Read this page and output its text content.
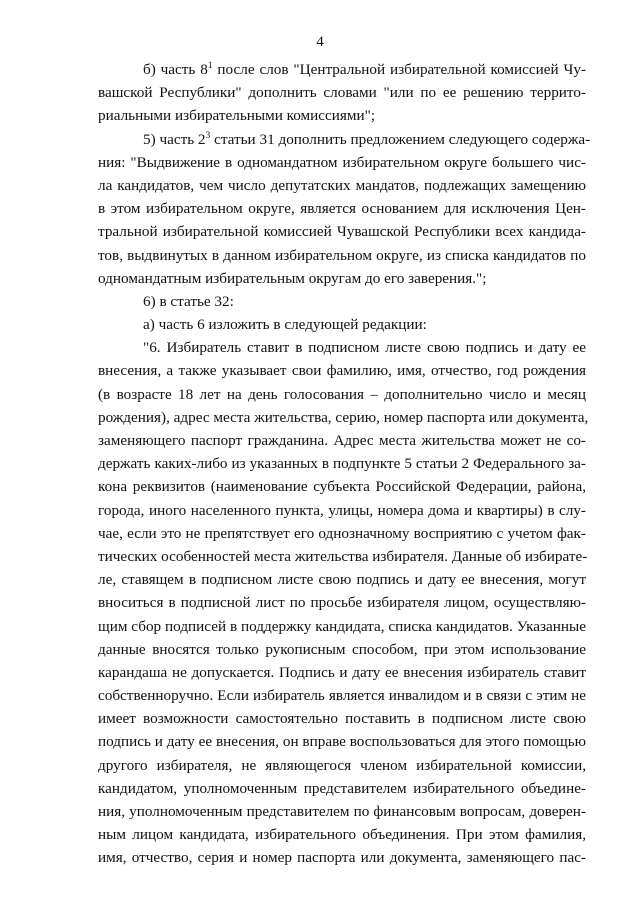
4
б) часть $8^1$ после слов "Центральной избирательной комиссией Чу-
вашской Республики" дополнить словами "или по ее решению террито-
риальными избирательными комиссиями";
5) часть $2^3$ статьи 31 дополнить предложением следующего содержа-
ния: "Выдвижение в одномандатном избирательном округе большего чис-
ла кандидатов, чем число депутатских мандатов, подлежащих замещению
в этом избирательном округе, является основанием для исключения Цен-
тральной избирательной комиссией Чувашской Республики всех кандида-
тов, выдвинутых в данном избирательном округе, из списка кандидатов по
одномандатным избирательным округам до его заверения.";
6) в статье 32:
а) часть 6 изложить в следующей редакции:
"6. Избиратель ставит в подписном листе свою подпись и дату ее
внесения, а также указывает свои фамилию, имя, отчество, год рождения
(в возрасте 18 лет на день голосования – дополнительно число и месяц
рождения), адрес места жительства, серию, номер паспорта или документа,
заменяющего паспорт гражданина. Адрес места жительства может не со-
держать каких-либо из указанных в подпункте 5 статьи 2 Федерального за-
кона реквизитов (наименование субъекта Российской Федерации, района,
города, иного населенного пункта, улицы, номера дома и квартиры) в слу-
чае, если это не препятствует его однозначному восприятию с учетом фак-
тических особенностей места жительства избирателя. Данные об избирате-
ле, ставящем в подписном листе свою подпись и дату ее внесения, могут
вноситься в подписной лист по просьбе избирателя лицом, осуществляю-
щим сбор подписей в поддержку кандидата, списка кандидатов. Указанные
данные вносятся только рукописным способом, при этом использование
карандаша не допускается. Подпись и дату ее внесения избиратель ставит
собственноручно. Если избиратель является инвалидом и в связи с этим не
имеет возможности самостоятельно поставить в подписном листе свою
подпись и дату ее внесения, он вправе воспользоваться для этого помощью
другого избирателя, не являющегося членом избирательной комиссии,
кандидатом, уполномоченным представителем избирательного объедине-
ния, уполномоченным представителем по финансовым вопросам, доверен-
ным лицом кандидата, избирательного объединения. При этом фамилия,
имя, отчество, серия и номер паспорта или документа, заменяющего пас-
